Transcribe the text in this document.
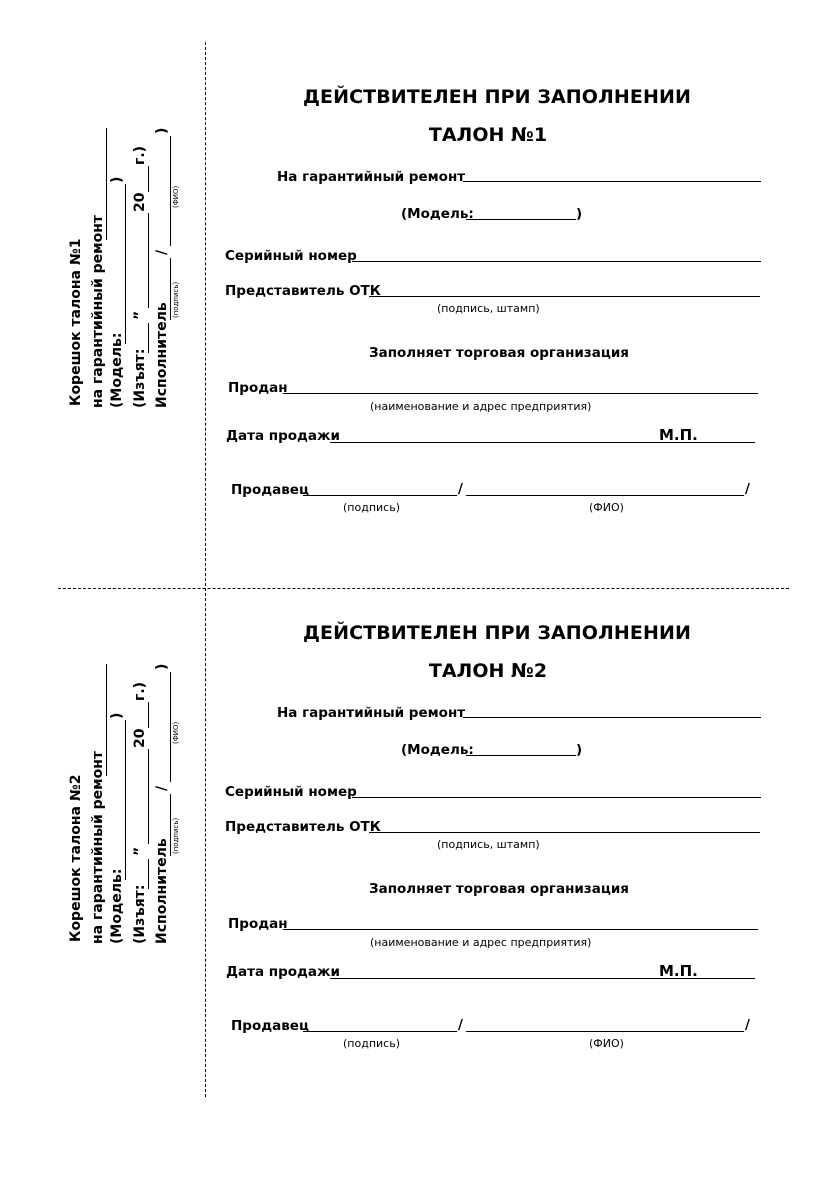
Корешок талона №1 на гарантийный ремонт (Модель:
)
(Изъят:
”
20
г.)
Исполнитель
/
)
(подпись)
(ФИО)
ДЕЙСТВИТЕЛЕН ПРИ ЗАПОЛНЕНИИ
ТАЛОН №1
На гарантийный ремонт
(Модель:	)
Серийный номер
Представитель ОТК
(подпись, штамп)
Заполняет торговая организация
Продан
(наименование и адрес предприятия)
Дата продажи	М.П.
Продавец	/	/
(подпись)	(ФИО)
Корешок талона №2 на гарантийный ремонт (Модель:
)
(Изъят:
”
20
г.)
Исполнитель
/
)
(подпись)
(ФИО)
ДЕЙСТВИТЕЛЕН ПРИ ЗАПОЛНЕНИИ
ТАЛОН №2
На гарантийный ремонт
(Модель:	)
Серийный номер
Представитель ОТК
(подпись, штамп)
Заполняет торговая организация
Продан
(наименование и адрес предприятия)
Дата продажи	М.П.
Продавец	/	/
(подпись)	(ФИО)
